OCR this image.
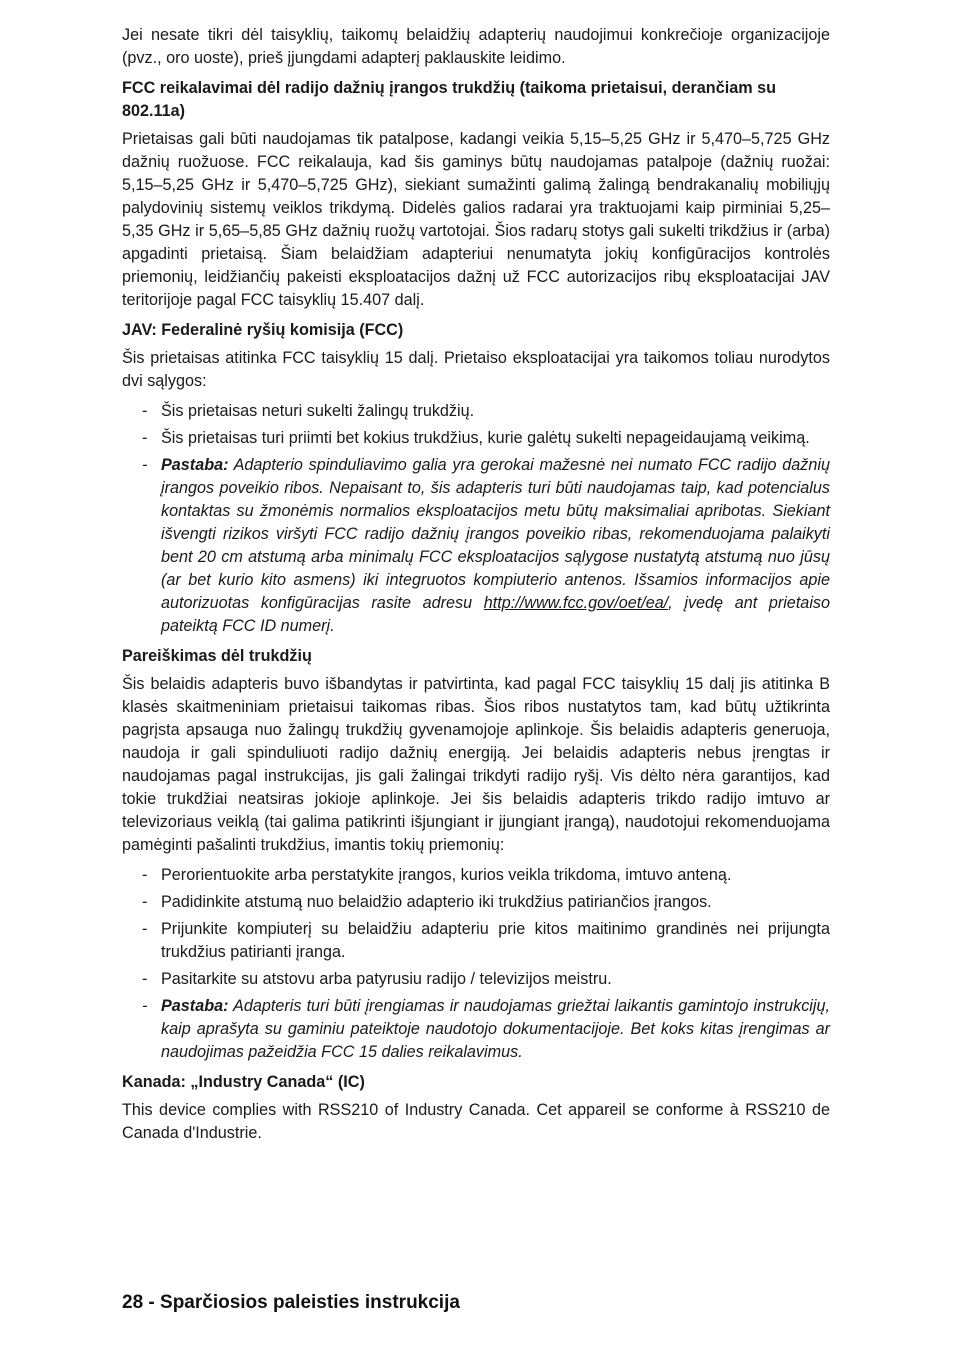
Jei nesate tikri dėl taisyklių, taikomų belaidžių adapterių naudojimui konkrečioje organizacijoje (pvz., oro uoste), prieš įjungdami adapterį paklauskite leidimo.

FCC reikalavimai dėl radijo dažnių įrangos trukdžių (taikoma prietaisui, derančiam su 802.11a)

Prietaisas gali būti naudojamas tik patalpose, kadangi veikia 5,15–5,25 GHz ir 5,470–5,725 GHz dažnių ruožuose. FCC reikalauja, kad šis gaminys būtų naudojamas patalpoje (dažnių ruožai: 5,15–5,25 GHz ir 5,470–5,725 GHz), siekiant sumažinti galimą žalingą bendrakanalių mobiliųjų palydovinių sistemų veiklos trikdymą. Didelės galios radarai yra traktuojami kaip pirminiai 5,25–5,35 GHz ir 5,65–5,85 GHz dažnių ruožų vartotojai. Šios radarų stotys gali sukelti trikdžius ir (arba) apgadinti prietaisą. Šiam belaidžiam adapteriui nenumatyta jokių konfigūracijos kontrolės priemonių, leidžiančių pakeisti eksploatacijos dažnį už FCC autorizacijos ribų eksploatacijai JAV teritorijoje pagal FCC taisyklių 15.407 dalį.

JAV: Federalinė ryšių komisija (FCC)

Šis prietaisas atitinka FCC taisyklių 15 dalį. Prietaiso eksploatacijai yra taikomos toliau nurodytos dvi sąlygos:

- Šis prietaisas neturi sukelti žalingų trukdžių.
- Šis prietaisas turi priimti bet kokius trukdžius, kurie galėtų sukelti nepageidaujamą veikimą.
- Pastaba: Adapterio spinduliavimo galia yra gerokai mažesnė nei numato FCC radijo dažnių įrangos poveikio ribos. Nepaisant to, šis adapteris turi būti naudojamas taip, kad potencialus kontaktas su žmonėmis normalios eksploatacijos metu būtų maksimaliai apribotas. Siekiant išvengti rizikos viršyti FCC radijo dažnių įrangos poveikio ribas, rekomenduojama palaikyti bent 20 cm atstumą arba minimalų FCC eksploatacijos sąlygose nustatytą atstumą nuo jūsų (ar bet kurio kito asmens) iki integruotos kompiuterio antenos. Išsamios informacijos apie autorizuotas konfigūracijas rasite adresu http://www.fcc.gov/oet/ea/, įvedę ant prietaiso pateiktą FCC ID numerį.
Pareiškimas dėl trukdžių

Šis belaidis adapteris buvo išbandytas ir patvirtinta, kad pagal FCC taisyklių 15 dalį jis atitinka B klasės skaitmeniniam prietaisui taikomas ribas. Šios ribos nustatytos tam, kad būtų užtikrinta pagrįsta apsauga nuo žalingų trukdžių gyvenamojoje aplinkoje. Šis belaidis adapteris generuoja, naudoja ir gali spinduliuoti radijo dažnių energiją. Jei belaidis adapteris nebus įrengtas ir naudojamas pagal instrukcijas, jis gali žalingai trikdyti radijo ryšį. Vis dėlto nėra garantijos, kad tokie trukdžiai neatsiras jokioje aplinkoje. Jei šis belaidis adapteris trikdo radijo imtuvo ar televizoriaus veiklą (tai galima patikrinti išjungiant ir įjungiant įrangą), naudotojui rekomenduojama pamėginti pašalinti trukdžius, imantis tokių priemonių:

- Perorientuokite arba perstatykite įrangos, kurios veikla trikdoma, imtuvo anteną.
- Padidinkite atstumą nuo belaidžio adapterio iki trukdžius patiriančios įrangos.
- Prijunkite kompiuterį su belaidžiu adapteriu prie kitos maitinimo grandinės nei prijungta trukdžius patirianti įranga.
- Pasitarkite su atstovu arba patyrusiu radijo / televizijos meistru.
- Pastaba: Adapteris turi būti įrengiamas ir naudojamas griežtai laikantis gamintojo instrukcijų, kaip aprašyta su gaminiu pateiktoje naudotojo dokumentacijoje. Bet koks kitas įrengimas ar naudojimas pažeidžia FCC 15 dalies reikalavimus.
Kanada: „Industry Canada“ (IC)

This device complies with RSS210 of Industry Canada. Cet appareil se conforme à RSS210 de Canada d'Industrie.

28 - Sparčiosios paleisties instrukcija
